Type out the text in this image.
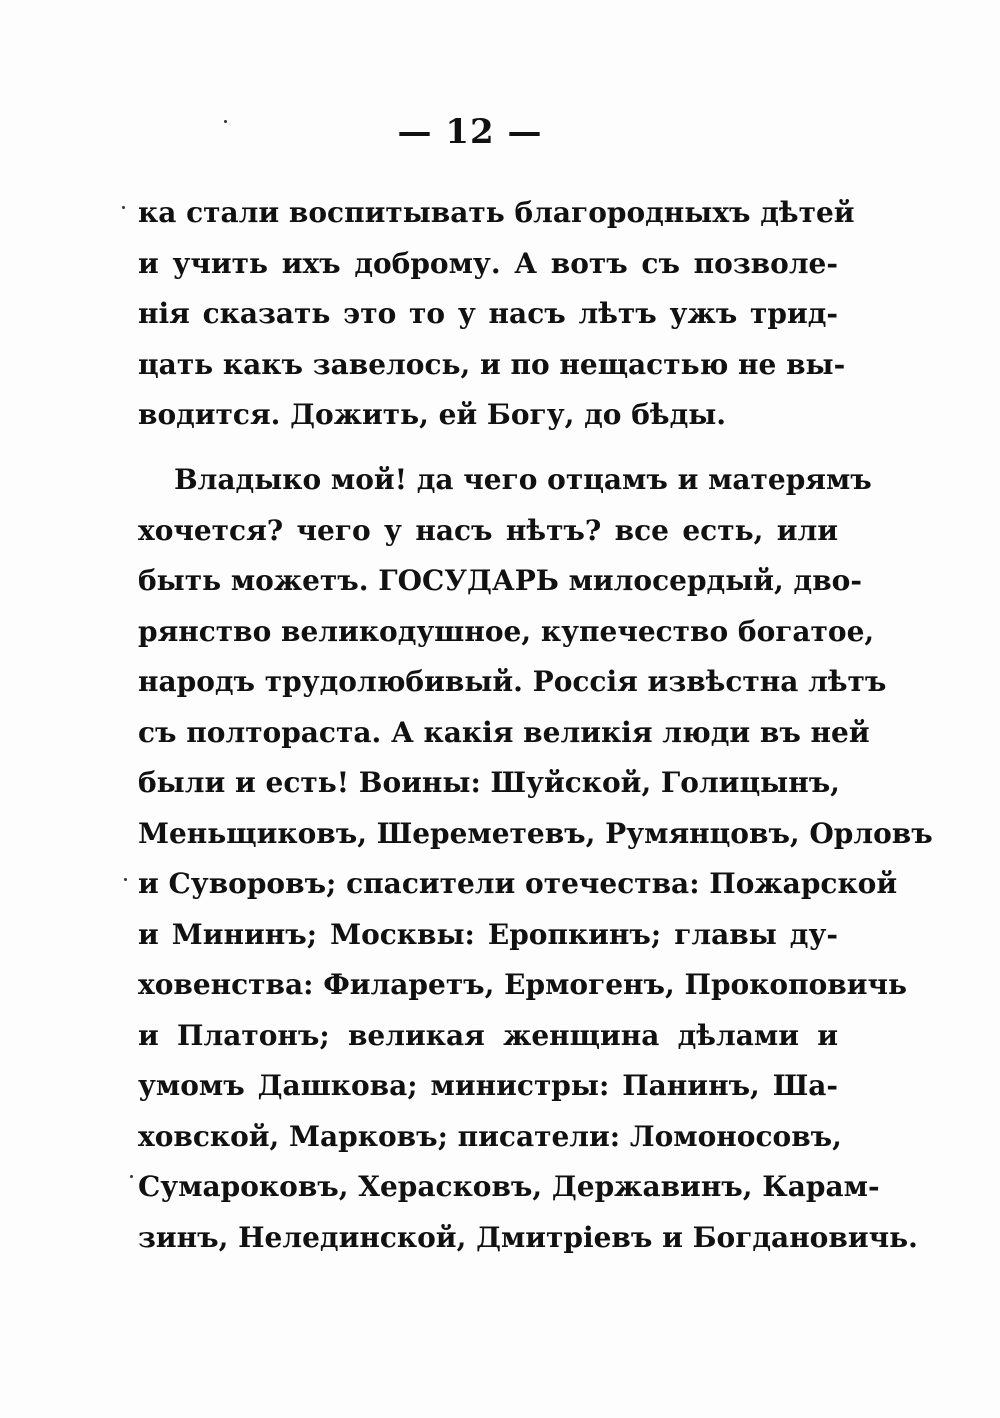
— 12 —
ка стали воспитывать благородныхъ дѣтей
и учить ихъ доброму. А вотъ съ позволе-
нія сказать это то у насъ лѣтъ ужъ трид-
цать какъ завелось, и по нещастью не вы-
водится. Дожить, ей Богу, до бѣды.
Владыко мой! да чего отцамъ и матерямъ
хочется? чего у насъ нѣтъ? все есть, или
быть можетъ. ГОСУДАРЬ милосердый, дво-
рянство великодушное, купечество богатое,
народъ трудолюбивый. Россія извѣстна лѣтъ
съ полтораста. А какія великія люди въ ней
были и есть! Воины: Шуйской, Голицынъ,
Меньщиковъ, Шереметевъ, Румянцовъ, Орловъ
и Суворовъ; спасители отечества: Пожарской
и Мининъ; Москвы: Еропкинъ; главы ду-
ховенства: Филаретъ, Ермогенъ, Прокоповичь
и Платонъ; великая женщина дѣлами и
умомъ Дашкова; министры: Панинъ, Ша-
ховской, Марковъ; писатели: Ломоносовъ,
Сумароковъ, Херасковъ, Державинъ, Карам-
зинъ, Нелединской, Дмитріевъ и Богдановичь.
